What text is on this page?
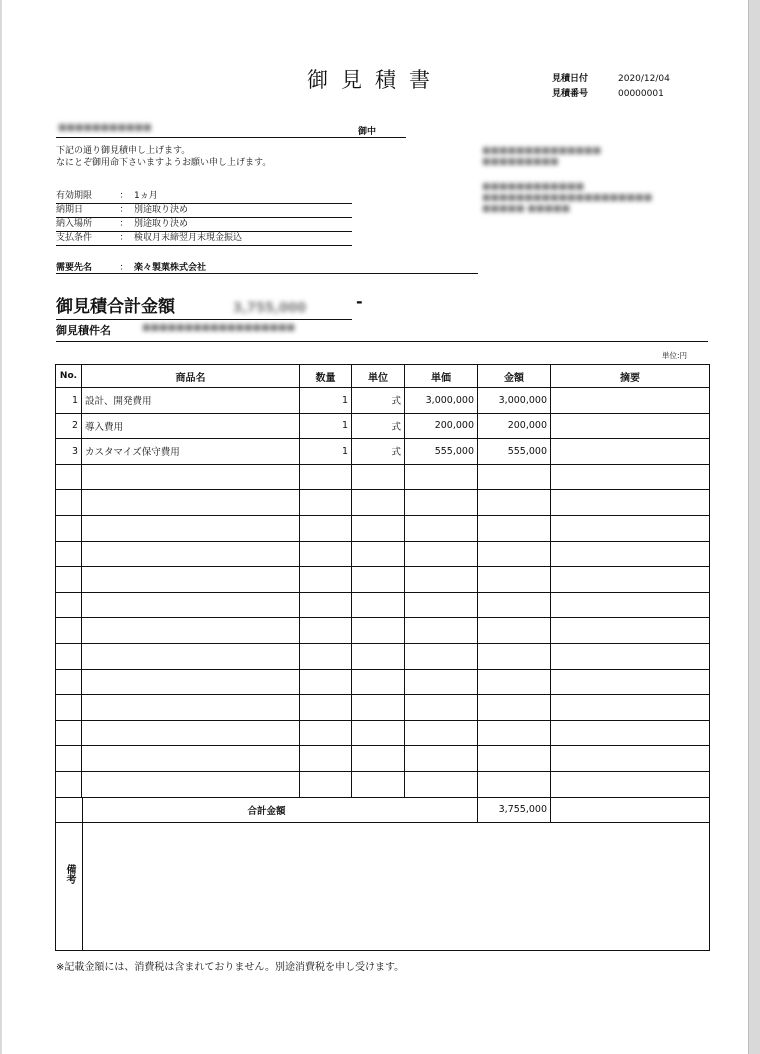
御見積書	見積日付	2020/12/04
見積番号	00000001
■■■■■■■■■■■	御中
下記の通り御見積申し上げます。
なにとぞ御用命下さいますようお願い申し上げます。
■■■■■■■■■■■■■■
■■■■■■■■■
■■■■■■■■■■■■
■■■■■■■■■■■■■■■■■■■■
■■■■■ ■■■■■
有効期限	： 1ヵ月
納期日	： 別途取り決め
納入場所	： 別途取り決め
支払条件	： 検収月末締翌月末現金振込
需要先名	： 楽々製菓株式会社
御見積合計金額	3,755,000	-
御見積件名	■■■■■■■■■■■■■■■■■■
単位:円
No.	商品名	数量	単位	単価	金額	摘要
1	設計、開発費用	1	式	3,000,000	3,000,000	
2	導入費用	1	式	200,000	200,000	
3	カスタマイズ保守費用	1	式	555,000	555,000	

合計金額					3,755,000	
備考
※記載金額には、消費税は含まれておりません。別途消費税を申し受けます。
